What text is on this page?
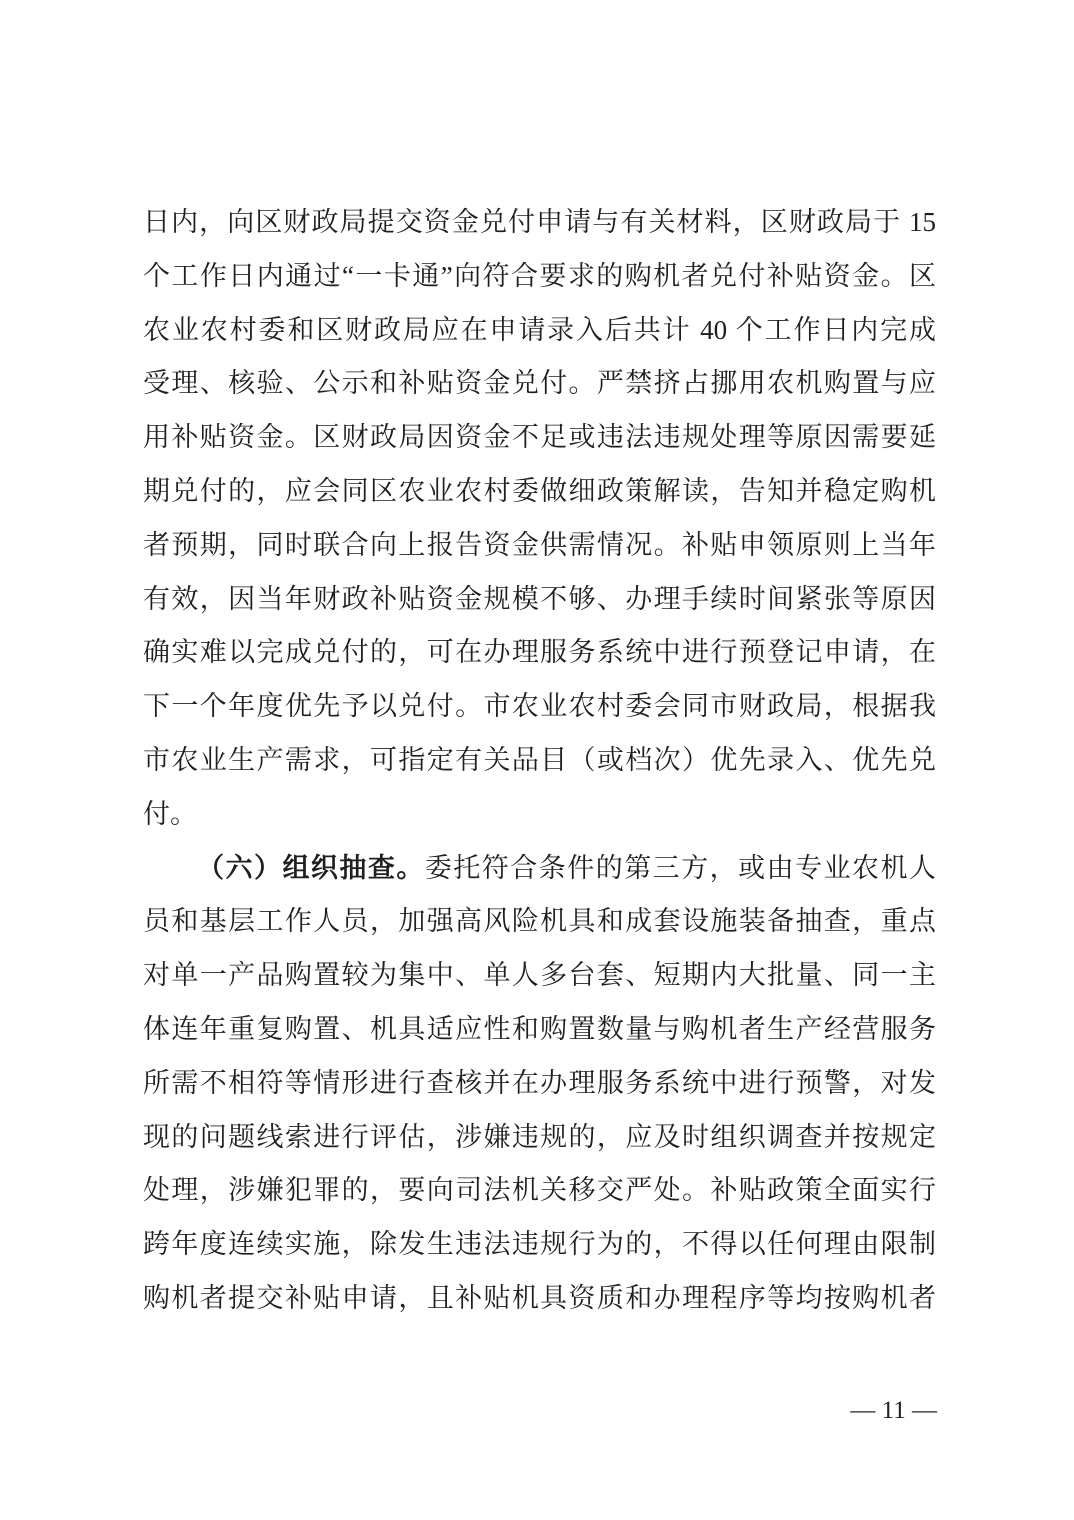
日内，向区财政局提交资金兑付申请与有关材料，区财政局于 15
个工作日内通过“一卡通”向符合要求的购机者兑付补贴资金。区
农业农村委和区财政局应在申请录入后共计 40 个工作日内完成
受理、核验、公示和补贴资金兑付。严禁挤占挪用农机购置与应
用补贴资金。区财政局因资金不足或违法违规处理等原因需要延
期兑付的，应会同区农业农村委做细政策解读，告知并稳定购机
者预期，同时联合向上报告资金供需情况。补贴申领原则上当年
有效，因当年财政补贴资金规模不够、办理手续时间紧张等原因
确实难以完成兑付的，可在办理服务系统中进行预登记申请，在
下一个年度优先予以兑付。市农业农村委会同市财政局，根据我
市农业生产需求，可指定有关品目（或档次）优先录入、优先兑
付。
（六）组织抽查。委托符合条件的第三方，或由专业农机人
员和基层工作人员，加强高风险机具和成套设施装备抽查，重点
对单一产品购置较为集中、单人多台套、短期内大批量、同一主
体连年重复购置、机具适应性和购置数量与购机者生产经营服务
所需不相符等情形进行查核并在办理服务系统中进行预警，对发
现的问题线索进行评估，涉嫌违规的，应及时组织调查并按规定
处理，涉嫌犯罪的，要向司法机关移交严处。补贴政策全面实行
跨年度连续实施，除发生违法违规行为的，不得以任何理由限制
购机者提交补贴申请，且补贴机具资质和办理程序等均按购机者
— 11 —
